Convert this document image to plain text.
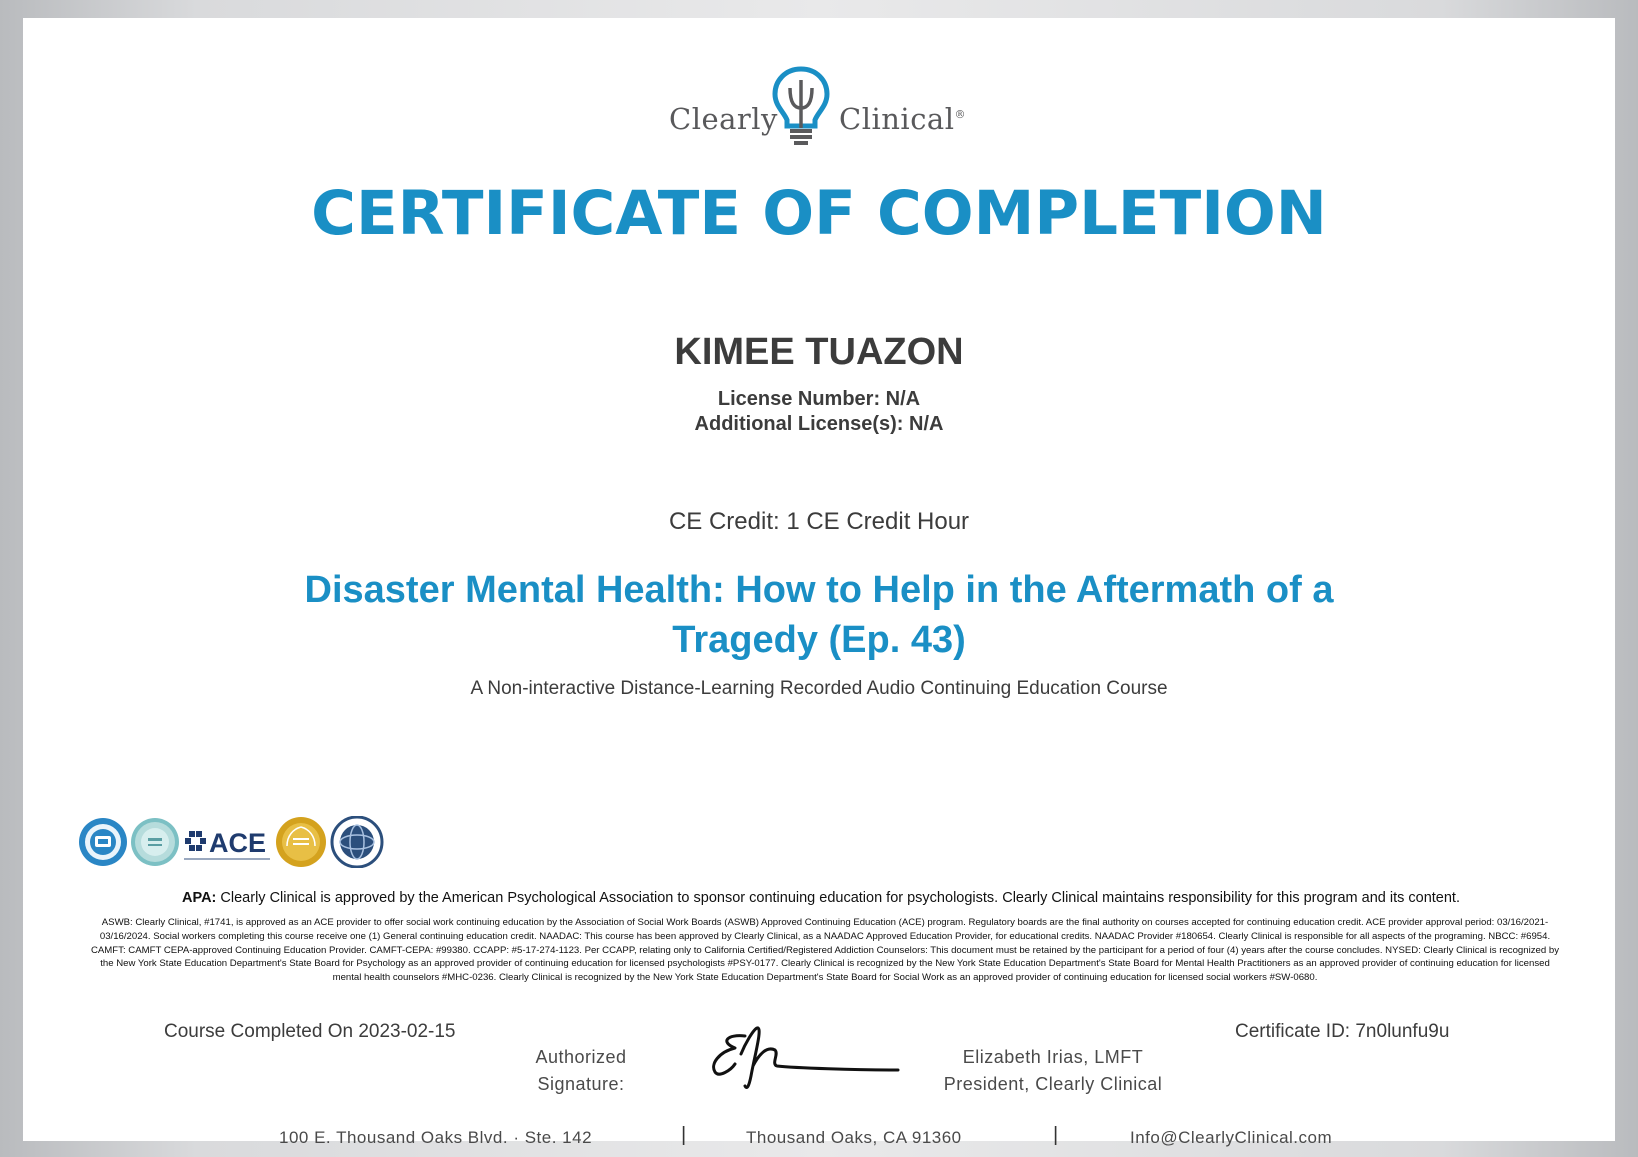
Clearly Clinical®
CERTIFICATE OF COMPLETION
KIMEE TUAZON
License Number: N/A
Additional License(s): N/A
CE Credit: 1 CE Credit Hour
Disaster Mental Health: How to Help in the Aftermath of a Tragedy (Ep. 43)
A Non-interactive Distance-Learning Recorded Audio Continuing Education Course
ACE
APA: Clearly Clinical is approved by the American Psychological Association to sponsor continuing education for psychologists. Clearly Clinical maintains responsibility for this program and its content.
ASWB: Clearly Clinical, #1741, is approved as an ACE provider to offer social work continuing education by the Association of Social Work Boards (ASWB) Approved Continuing Education (ACE) program. Regulatory boards are the final authority on courses accepted for continuing education credit. ACE provider approval period: 03/16/2021-03/16/2024. Social workers completing this course receive one (1) General continuing education credit. NAADAC: This course has been approved by Clearly Clinical, as a NAADAC Approved Education Provider, for educational credits. NAADAC Provider #180654. Clearly Clinical is responsible for all aspects of the programing. NBCC: #6954. CAMFT: CAMFT CEPA-approved Continuing Education Provider. CAMFT-CEPA: #99380. CCAPP: #5-17-274-1123. Per CCAPP, relating only to California Certified/Registered Addiction Counselors: This document must be retained by the participant for a period of four (4) years after the course concludes. NYSED: Clearly Clinical is recognized by the New York State Education Department's State Board for Psychology as an approved provider of continuing education for licensed psychologists #PSY-0177. Clearly Clinical is recognized by the New York State Education Department's State Board for Mental Health Practitioners as an approved provider of continuing education for licensed mental health counselors #MHC-0236. Clearly Clinical is recognized by the New York State Education Department's State Board for Social Work as an approved provider of continuing education for licensed social workers #SW-0680.
Course Completed On 2023-02-15	Certificate ID: 7n0lunfu9u
Authorized
Signature:
Elizabeth Irias, LMFT
President, Clearly Clinical
100 E. Thousand Oaks Blvd. · Ste. 142	|	Thousand Oaks, CA 91360	|	Info@ClearlyClinical.com
